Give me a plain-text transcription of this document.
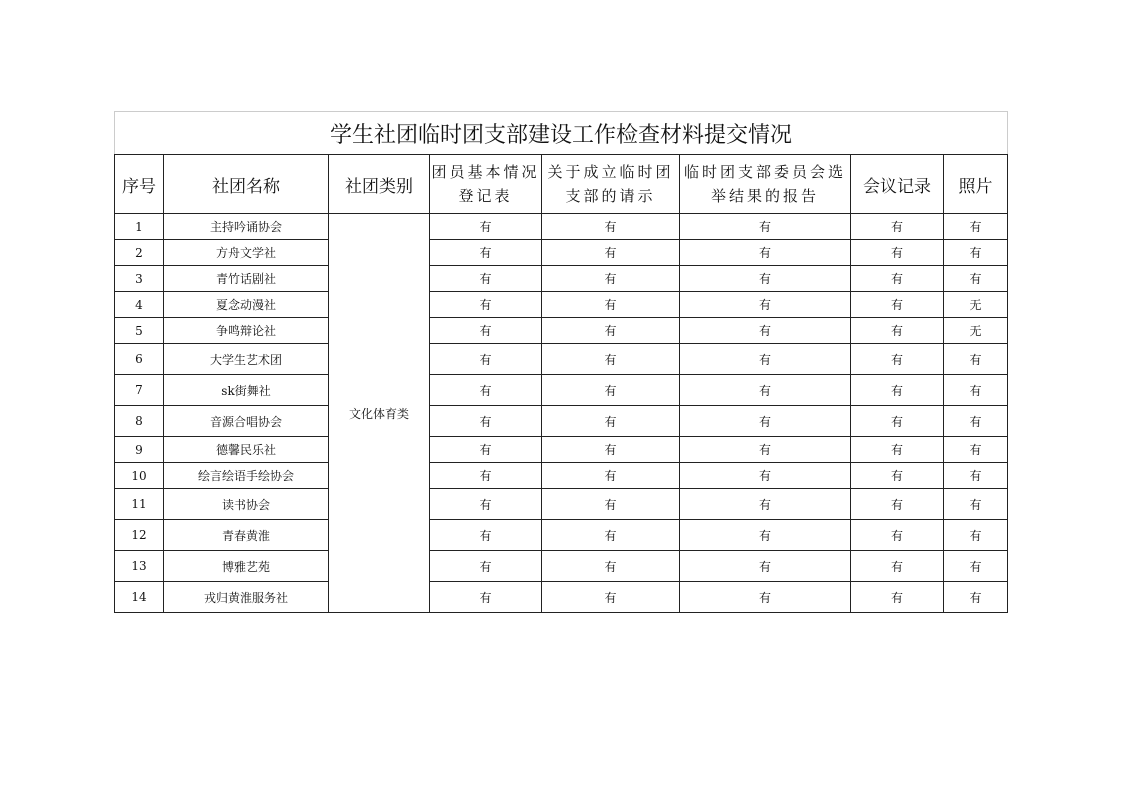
学生社团临时团支部建设工作检查材料提交情况							
序号	社团名称	社团类别	团员基本情况登记表	关于成立临时团支部的请示	临时团支部委员会选举结果的报告	会议记录	照片
1	主持吟诵协会	文化体育类	有	有	有	有	有
2	方舟文学社		有	有	有	有	有
3	青竹话剧社		有	有	有	有	有
4	夏念动漫社		有	有	有	有	无
5	争鸣辩论社		有	有	有	有	无
6	大学生艺术团		有	有	有	有	有
7	sk街舞社		有	有	有	有	有
8	音源合唱协会		有	有	有	有	有
9	德馨民乐社		有	有	有	有	有
10	绘言绘语手绘协会		有	有	有	有	有
11	读书协会		有	有	有	有	有
12	青春黄淮		有	有	有	有	有
13	博雅艺苑		有	有	有	有	有
14	戎归黄淮服务社		有	有	有	有	有
